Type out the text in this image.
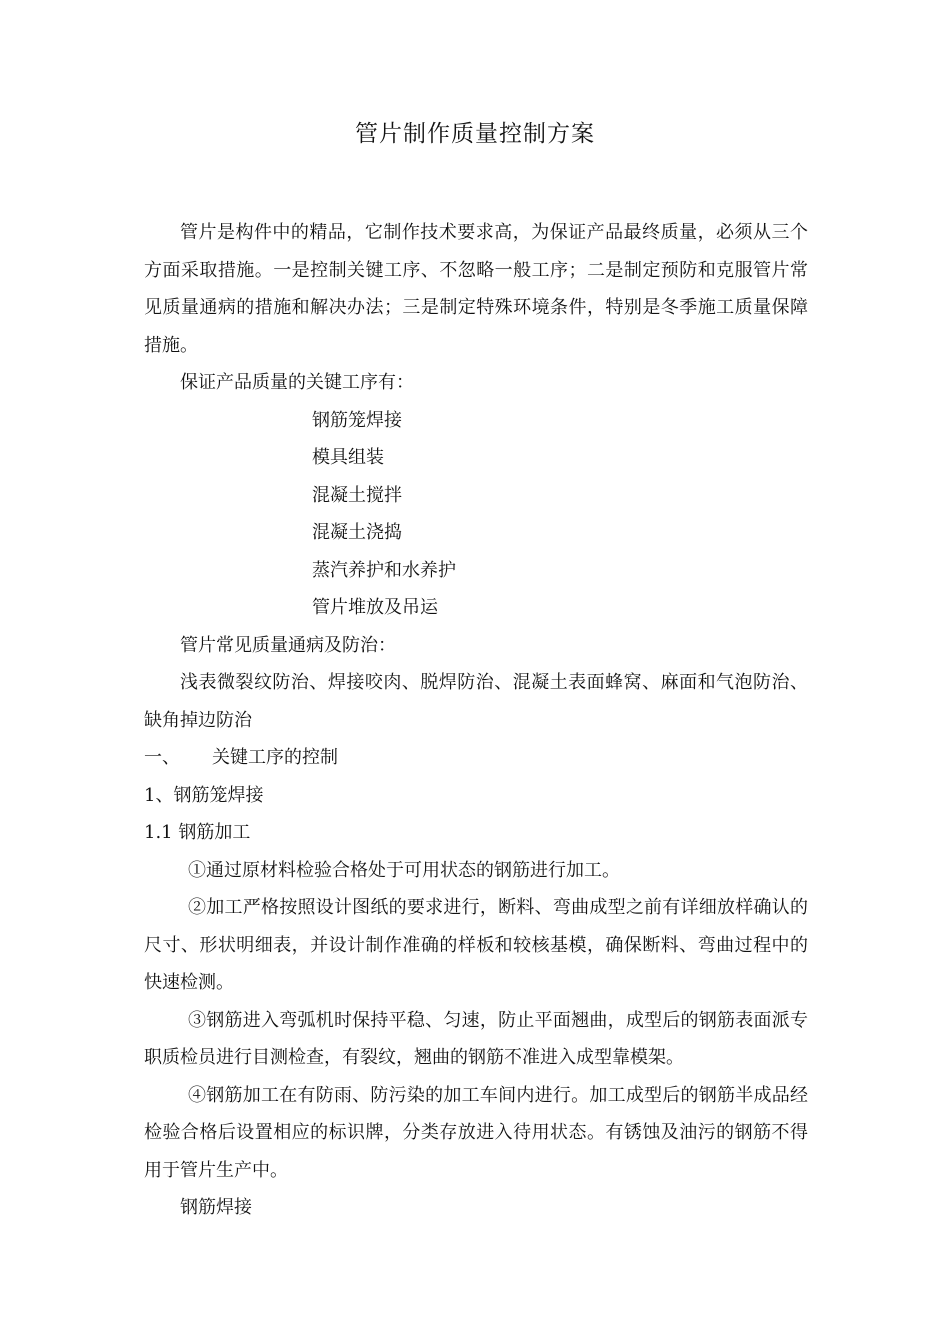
管片制作质量控制方案

管片是构件中的精品，它制作技术要求高，为保证产品最终质量，必须从三个方面采取措施。一是控制关键工序、不忽略一般工序；二是制定预防和克服管片常见质量通病的措施和解决办法；三是制定特殊环境条件，特别是冬季施工质量保障措施。

保证产品质量的关键工序有：

钢筋笼焊接

模具组装

混凝土搅拌

混凝土浇捣

蒸汽养护和水养护

管片堆放及吊运

管片常见质量通病及防治：

浅表微裂纹防治、焊接咬肉、脱焊防治、混凝土表面蜂窝、麻面和气泡防治、缺角掉边防治

一、	关键工序的控制

1、钢筋笼焊接

1.1 钢筋加工

①通过原材料检验合格处于可用状态的钢筋进行加工。

②加工严格按照设计图纸的要求进行，断料、弯曲成型之前有详细放样确认的尺寸、形状明细表，并设计制作准确的样板和较核基模，确保断料、弯曲过程中的快速检测。

③钢筋进入弯弧机时保持平稳、匀速，防止平面翘曲，成型后的钢筋表面派专职质检员进行目测检查，有裂纹，翘曲的钢筋不准进入成型靠模架。

④钢筋加工在有防雨、防污染的加工车间内进行。加工成型后的钢筋半成品经检验合格后设置相应的标识牌，分类存放进入待用状态。有锈蚀及油污的钢筋不得用于管片生产中。

钢筋焊接
